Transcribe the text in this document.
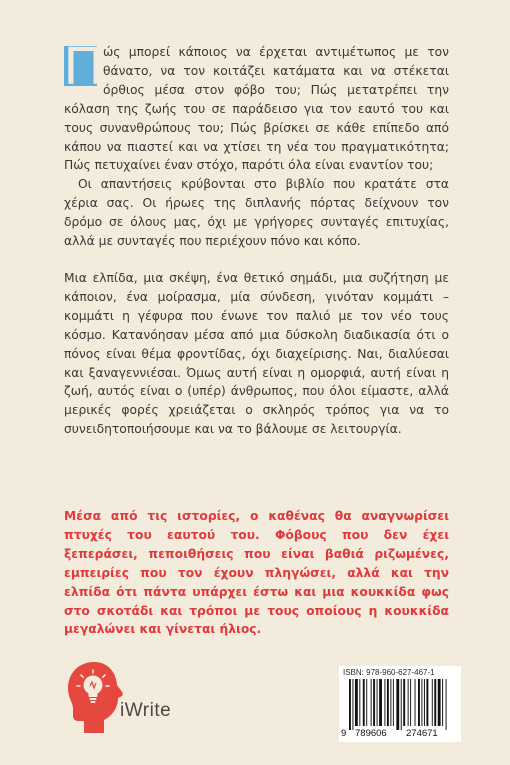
Π ώς μπορεί κάποιος να έρχεται αντιμέτωπος με τον θάνατο, να τον κοιτάζει κατάματα και να στέκεται όρθιος μέσα στον φόβο του; Πώς μετατρέπει την κόλαση της ζωής του σε παράδεισο για τον εαυτό του και τους συνανθρώπους του; Πώς βρίσκει σε κάθε επίπεδο από κάπου να πιαστεί και να χτίσει τη νέα του πραγματικότητα; Πώς πετυχαίνει έναν στόχο, παρότι όλα είναι εναντίον του;

Οι απαντήσεις κρύβονται στο βιβλίο που κρατάτε στα χέρια σας. Οι ήρωες της διπλανής πόρτας δείχνουν τον δρόμο σε όλους μας, όχι με γρήγορες συνταγές επιτυχίας, αλλά με συνταγές που περιέχουν πόνο και κόπο.

Μια ελπίδα, μια σκέψη, ένα θετικό σημάδι, μια συζήτηση με κάποιον, ένα μοίρασμα, μία σύνδεση, γινόταν κομμάτι – κομμάτι η γέφυρα που ένωνε τον παλιό με τον νέο τους κόσμο. Κατανόησαν μέσα από μια δύσκολη διαδικασία ότι ο πόνος είναι θέμα φροντίδας, όχι διαχείρισης. Ναι, διαλύεσαι και ξαναγεννιέσαι. Όμως αυτή είναι η ομορφιά, αυτή είναι η ζωή, αυτός είναι ο (υπέρ) άνθρωπος, που όλοι είμαστε, αλλά μερικές φορές χρειάζεται ο σκληρός τρόπος για να το συνειδητοποιήσουμε και να το βάλουμε σε λειτουργία.

Μέσα από τις ιστορίες, ο καθένας θα αναγνωρίσει πτυχές του εαυτού του. Φόβους που δεν έχει ξεπεράσει, πεποιθήσεις που είναι βαθιά ριζωμένες, εμπειρίες που τον έχουν πληγώσει, αλλά και την ελπίδα ότι πάντα υπάρχει έστω και μια κουκκίδα φως στο σκοτάδι και τρόποι με τους οποίους η κουκκίδα μεγαλώνει και γίνεται ήλιος.

iWrite
ISBN: 978-960-627-467-1
9 789606 274671
